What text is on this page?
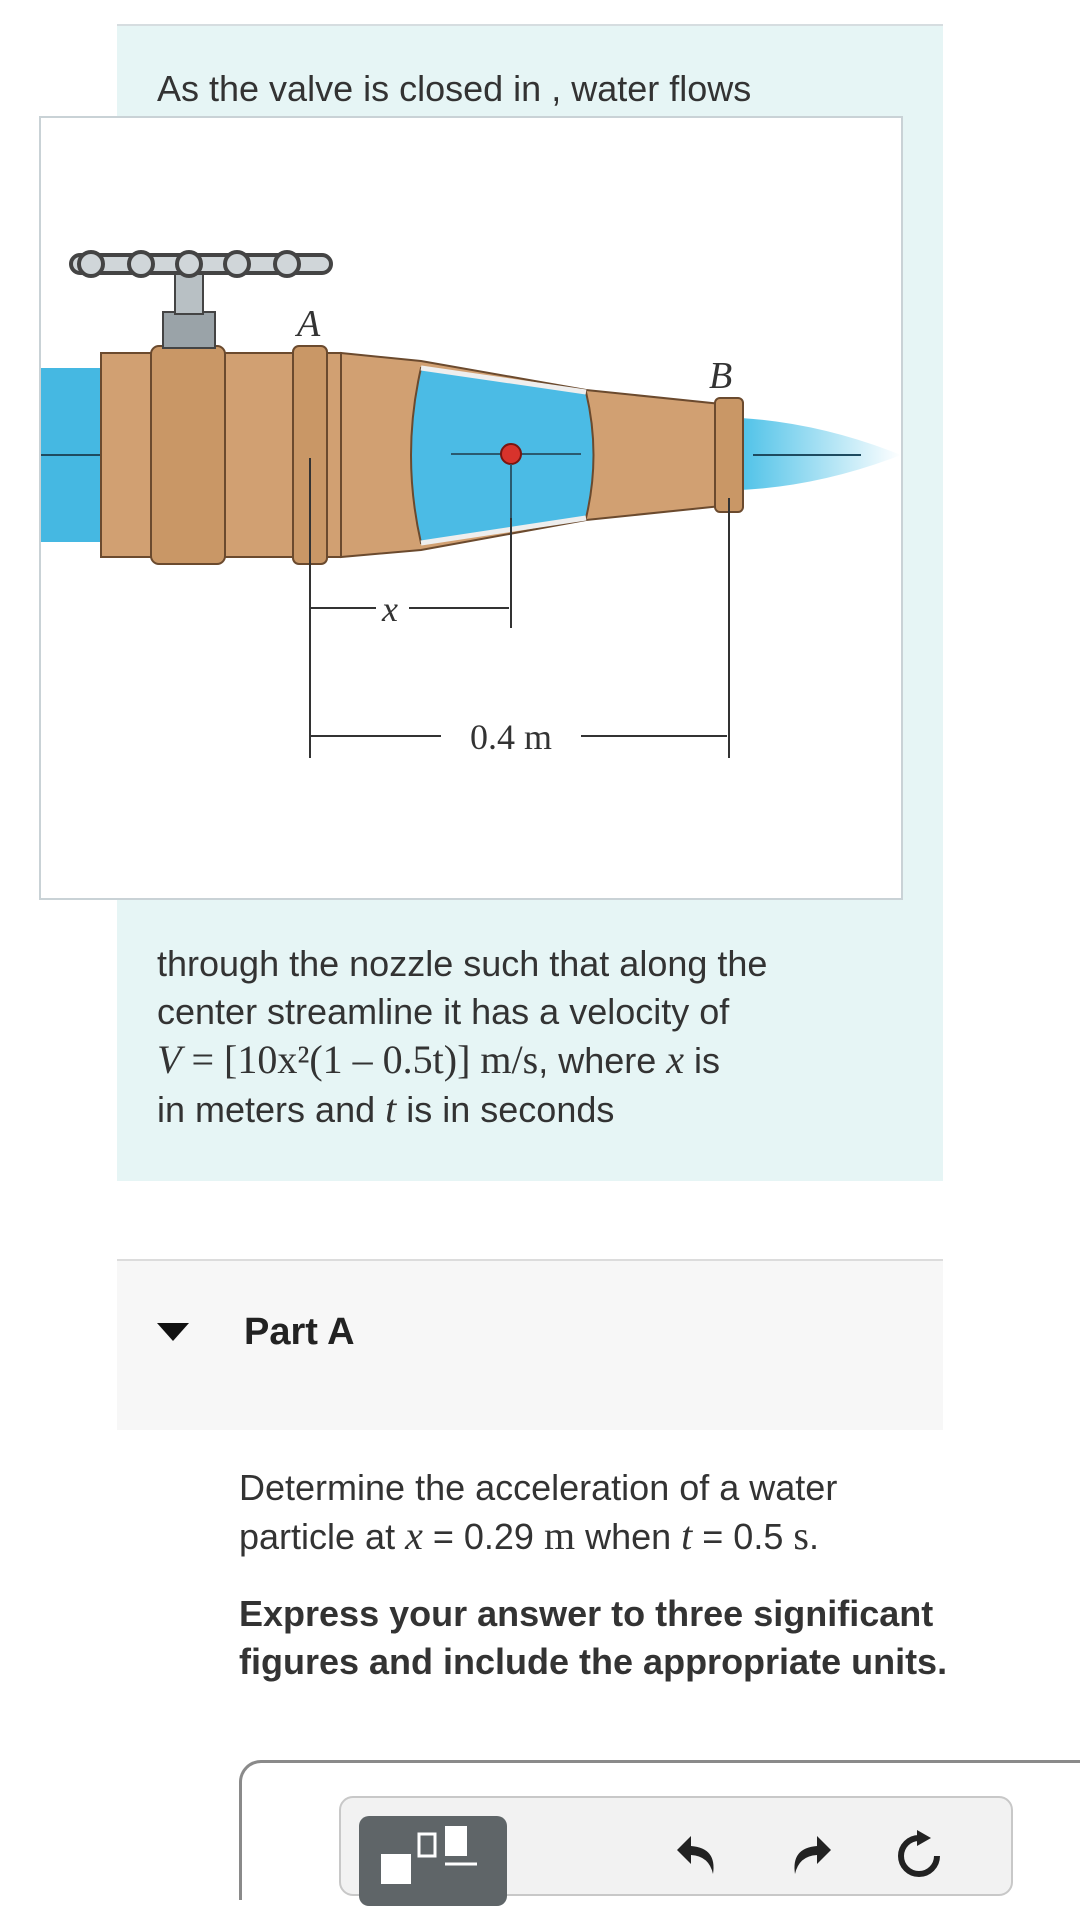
As the valve is closed in , water flows

A
B
x
0.4 m

through the nozzle such that along the
center streamline it has a velocity of
V = [10x²(1 – 0.5t)] m/s, where x is
in meters and t is in seconds

Part A

Determine the acceleration of a water
particle at x = 0.29 m when t = 0.5 s.

Express your answer to three significant figures and include the appropriate units.
